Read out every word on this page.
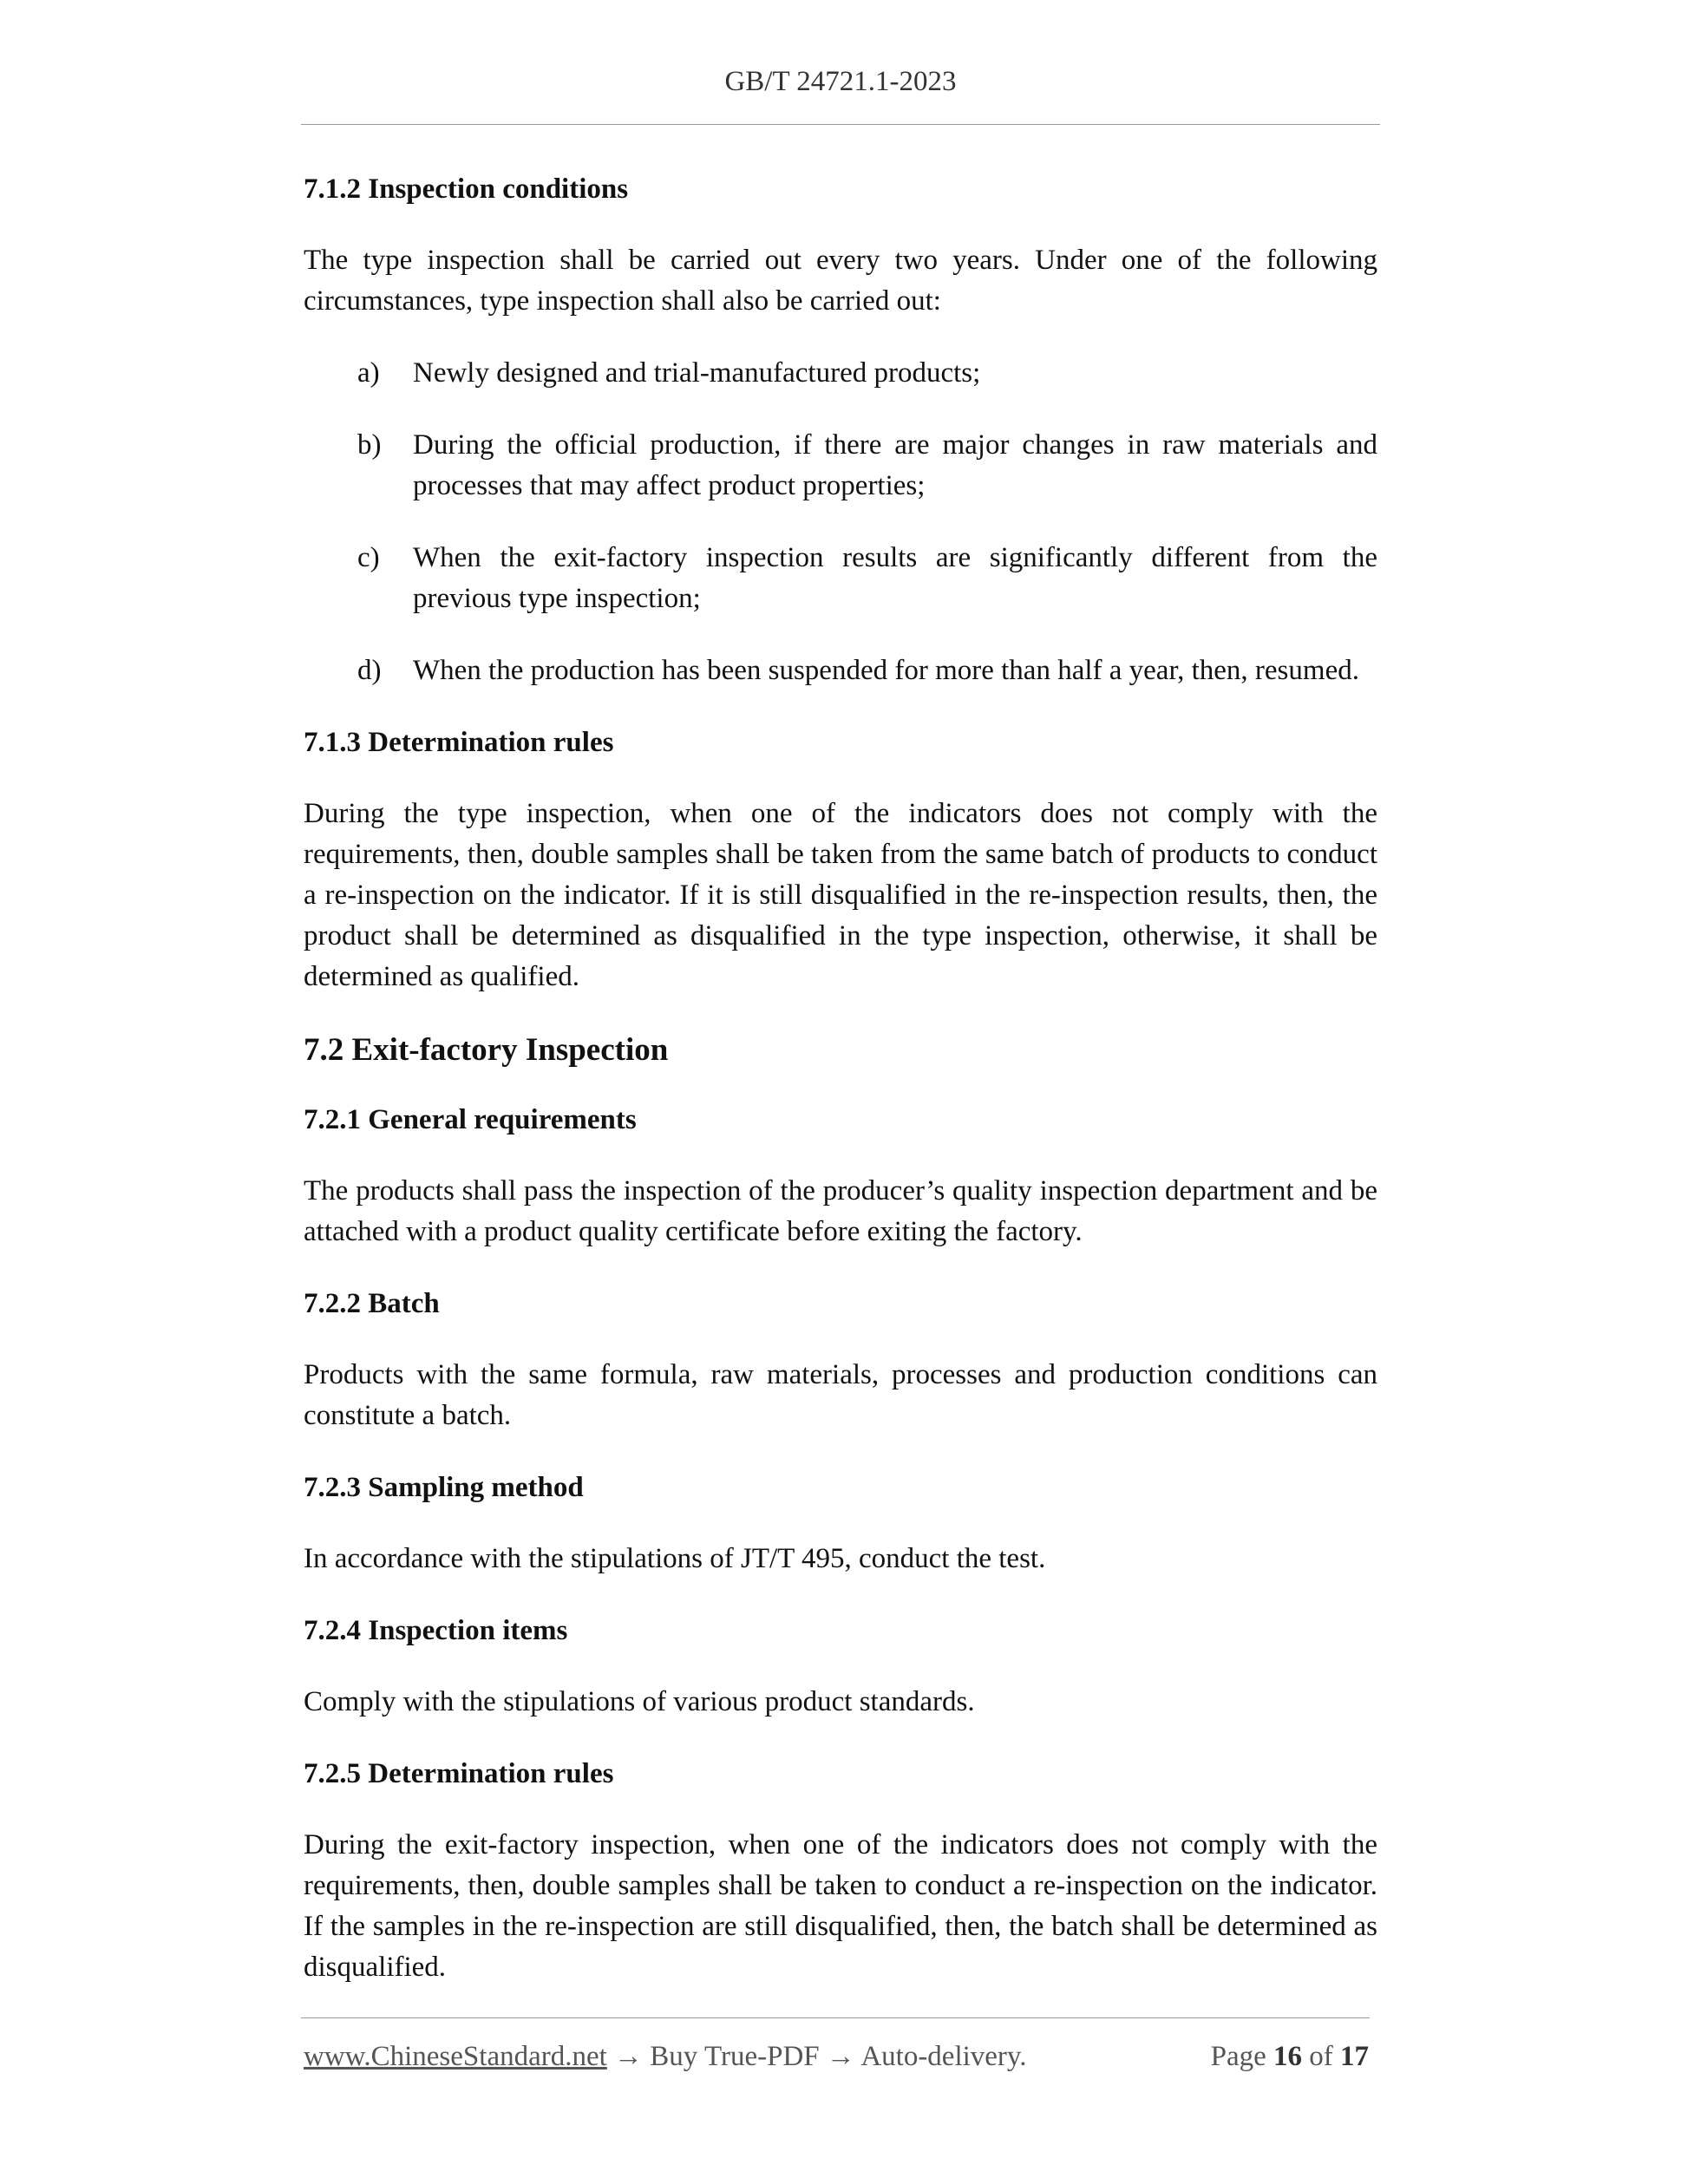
GB/T 24721.1-2023
7.1.2 Inspection conditions
The type inspection shall be carried out every two years. Under one of the following circumstances, type inspection shall also be carried out:
a)	Newly designed and trial-manufactured products;
b)	During the official production, if there are major changes in raw materials and processes that may affect product properties;
c)	When the exit-factory inspection results are significantly different from the previous type inspection;
d)	When the production has been suspended for more than half a year, then, resumed.
7.1.3 Determination rules
During the type inspection, when one of the indicators does not comply with the requirements, then, double samples shall be taken from the same batch of products to conduct a re-inspection on the indicator. If it is still disqualified in the re-inspection results, then, the product shall be determined as disqualified in the type inspection, otherwise, it shall be determined as qualified.
7.2 Exit-factory Inspection
7.2.1 General requirements
The products shall pass the inspection of the producer’s quality inspection department and be attached with a product quality certificate before exiting the factory.
7.2.2 Batch
Products with the same formula, raw materials, processes and production conditions can constitute a batch.
7.2.3 Sampling method
In accordance with the stipulations of JT/T 495, conduct the test.
7.2.4 Inspection items
Comply with the stipulations of various product standards.
7.2.5 Determination rules
During the exit-factory inspection, when one of the indicators does not comply with the requirements, then, double samples shall be taken to conduct a re-inspection on the indicator. If the samples in the re-inspection are still disqualified, then, the batch shall be determined as disqualified.
www.ChineseStandard.net → Buy True-PDF → Auto-delivery.	Page 16 of 17
